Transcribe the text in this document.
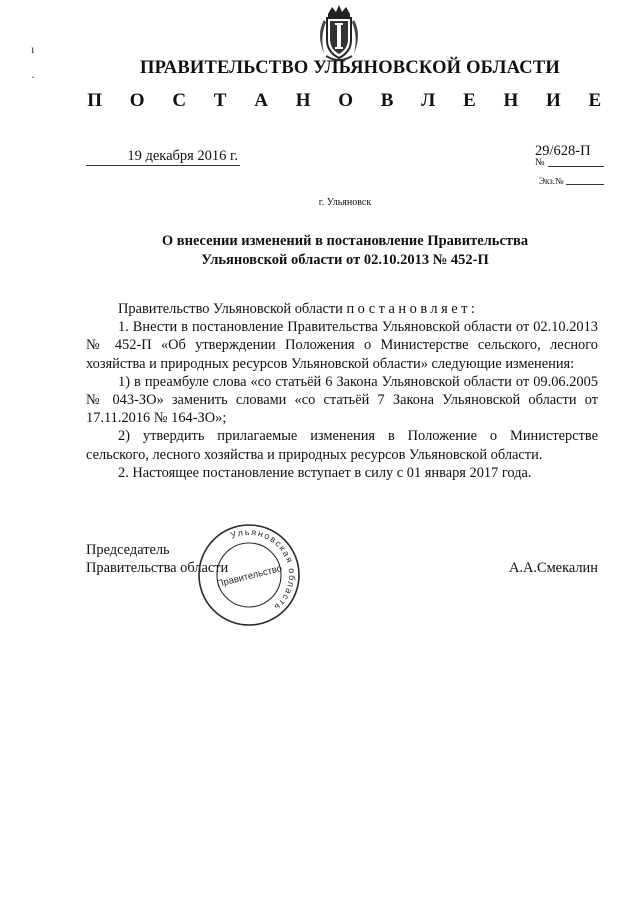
ı
·	ПРАВИТЕЛЬСТВО УЛЬЯНОВСКОЙ ОБЛАСТИ
П О С Т А Н О В Л Е Н И Е
19 декабря 2016 г.	29/628-П
№
Экз.№
г. Ульяновск
О внесении изменений в постановление Правительства
Ульяновской области от 02.10.2013 № 452-П

Правительство Ульяновской области постановляет:

1. Внести в постановление Правительства Ульяновской области от 02.10.2013 № 452-П «Об утверждении Положения о Министерстве сельского, лесного хозяйства и природных ресурсов Ульяновской области» следующие изменения:

1) в преамбуле слова «со статьёй 6 Закона Ульяновской области от 09.06.2005 № 043-ЗО» заменить словами «со статьёй 7 Закона Ульяновской области от 17.11.2016 № 164-ЗО»;

2) утвердить прилагаемые изменения в Положение о Министерстве сельского, лесного хозяйства и природных ресурсов Ульяновской области.

2. Настоящее постановление вступает в силу с 01 января 2017 года.

Председатель
Правительства области	А.А.Смекалин
Ульяновская область
Правительство
